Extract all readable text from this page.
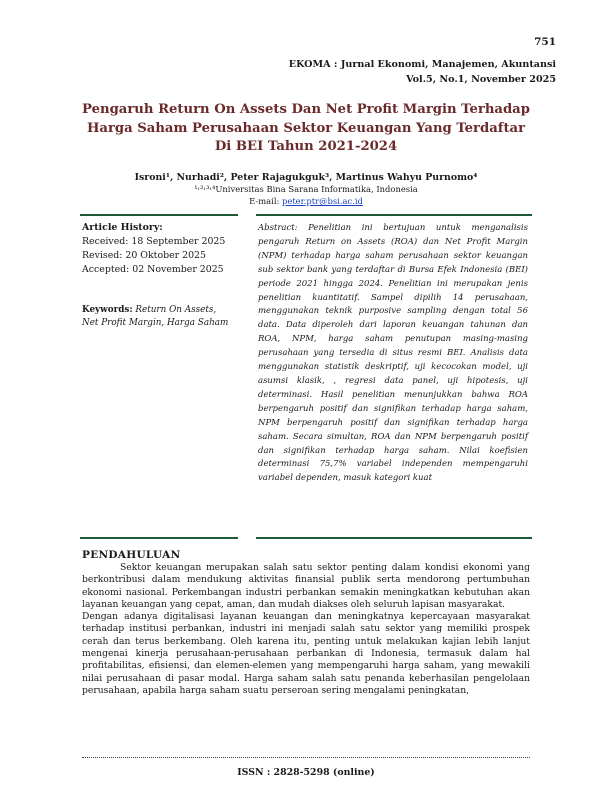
751
EKOMA : Jurnal Ekonomi, Manajemen, Akuntansi
Vol.5, No.1, November 2025
Pengaruh Return On Assets Dan Net Profit Margin Terhadap Harga Saham Perusahaan Sektor Keuangan Yang Terdaftar Di BEI Tahun 2021-2024
Isroni¹, Nurhadi², Peter Rajagukguk³, Martinus Wahyu Purnomo⁴
¹˒²˒³˒⁴Universitas Bina Sarana Informatika, Indonesia
E-mail: peter.ptr@bsi.ac.id
Article History:
Received: 18 September 2025
Revised: 20 Oktober 2025
Accepted: 02 November 2025
Keywords: Return On Assets, Net Profit Margin, Harga Saham
Abstract: Penelitian ini bertujuan untuk menganalisis pengaruh Return on Assets (ROA) dan Net Profit Margin (NPM) terhadap harga saham perusahaan sektor keuangan sub sektor bank yang terdaftar di Bursa Efek Indonesia (BEI) periode 2021 hingga 2024. Penelitian ini merupakan jenis penelitian kuantitatif. Sampel dipilih 14 perusahaan, menggunakan teknik purposive sampling dengan total 56 data. Data diperoleh dari laporan keuangan tahunan dan ROA, NPM, harga saham penutupan masing-masing perusahaan yang tersedia di situs resmi BEI. Analisis data menggunakan statistik deskriptif, uji kecocokan model, uji asumsi klasik, , regresi data panel, uji hipotesis, uji determinasi. Hasil penelitian menunjukkan bahwa ROA berpengaruh positif dan signifikan terhadap harga saham, NPM berpengaruh positif dan signifikan terhadap harga saham. Secara simultan, ROA dan NPM berpengaruh positif dan signifikan terhadap harga saham. Nilai koefisien determinasi 75,7% variabel independen mempengaruhi variabel dependen, masuk kategori kuat
PENDAHULUAN

Sektor keuangan merupakan salah satu sektor penting dalam kondisi ekonomi yang berkontribusi dalam mendukung aktivitas finansial publik serta mendorong pertumbuhan ekonomi nasional. Perkembangan industri perbankan semakin meningkatkan kebutuhan akan layanan keuangan yang cepat, aman, dan mudah diakses oleh seluruh lapisan masyarakat.

Dengan adanya digitalisasi layanan keuangan dan meningkatnya kepercayaan masyarakat terhadap institusi perbankan, industri ini menjadi salah satu sektor yang memiliki prospek cerah dan terus berkembang. Oleh karena itu, penting untuk melakukan kajian lebih lanjut mengenai kinerja perusahaan-perusahaan perbankan di Indonesia, termasuk dalam hal profitabilitas, efisiensi, dan elemen-elemen yang mempengaruhi harga saham, yang mewakili nilai perusahaan di pasar modal. Harga saham salah satu penanda keberhasilan pengelolaan perusahaan, apabila harga saham suatu perseroan sering mengalami peningkatan,

ISSN : 2828-5298 (online)
